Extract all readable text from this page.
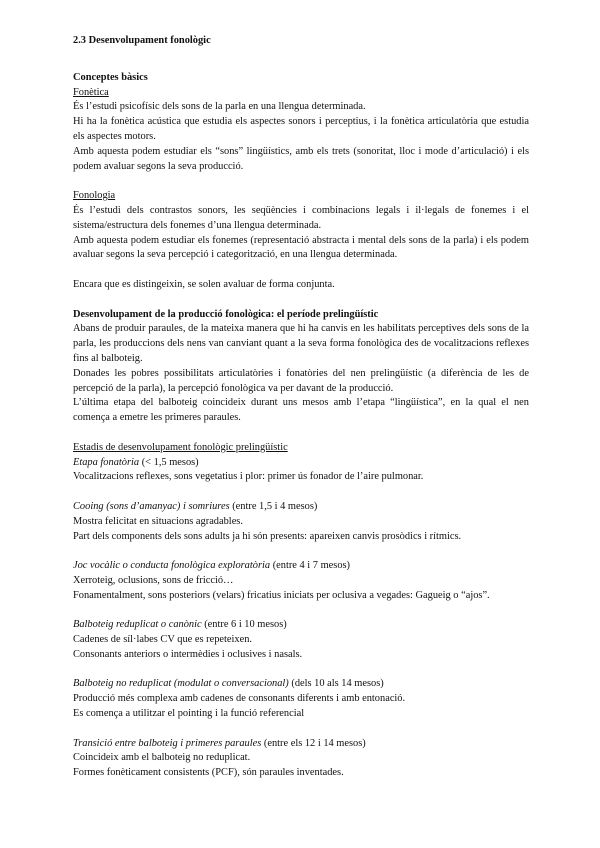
2.3 Desenvolupament fonològic

Conceptes bàsics

Fonètica

És l’estudi psicofísic dels sons de la parla en una llengua determinada.

Hi ha la fonètica acústica que estudia els aspectes sonors i perceptius, i la fonètica articulatòria que estudia els aspectes motors.

Amb aquesta podem estudiar els “sons” lingüístics, amb els trets (sonoritat, lloc i mode d’articulació) i els podem avaluar segons la seva producció.

Fonologia

És l’estudi dels contrastos sonors, les seqüències i combinacions legals i il·legals de fonemes i el sistema/estructura dels fonemes d’una llengua determinada.

Amb aquesta podem estudiar els fonemes (representació abstracta i mental dels sons de la parla) i els podem avaluar segons la seva percepció i categorització, en una llengua determinada.

Encara que es distingeixin, se solen avaluar de forma conjunta.

Desenvolupament de la producció fonològica: el període prelingüístic

Abans de produir paraules, de la mateixa manera que hi ha canvis en les habilitats perceptives dels sons de la parla, les produccions dels nens van canviant quant a la seva forma fonològica des de vocalitzacions reflexes fins al balboteig.

Donades les pobres possibilitats articulatòries i fonatòries del nen prelingüístic (a diferència de les de percepció de la parla), la percepció fonològica va per davant de la producció.

L’última etapa del balboteig coincideix durant uns mesos amb l’etapa “lingüística”, en la qual el nen comença a emetre les primeres paraules.

Estadis de desenvolupament fonològic prelingüístic

Etapa fonatòria (< 1,5 mesos)

Vocalitzacions reflexes, sons vegetatius i plor: primer ús fonador de l’aire pulmonar.

Cooing (sons d’amanyac) i somriures (entre 1,5 i 4 mesos)

Mostra felicitat en situacions agradables.

Part dels components dels sons adults ja hi són presents: apareixen canvis prosòdics i rítmics.

Joc vocàlic o conducta fonològica exploratòria (entre 4 i 7 mesos)

Xerroteig, oclusions, sons de fricció…

Fonamentalment, sons posteriors (velars) fricatius iniciats per oclusiva a vegades: Gagueig o “ajos”.

Balboteig reduplicat o canònic (entre 6 i 10 mesos)

Cadenes de síl·labes CV que es repeteixen.

Consonants anteriors o intermèdies i oclusives i nasals.

Balboteig no reduplicat (modulat o conversacional) (dels 10 als 14 mesos)

Producció més complexa amb cadenes de consonants diferents i amb entonació.

Es comença a utilitzar el pointing i la funció referencial

Transició entre balboteig i primeres paraules (entre els 12 i 14 mesos)

Coincideix amb el balboteig no reduplicat.

Formes fonèticament consistents (PCF), són paraules inventades.
